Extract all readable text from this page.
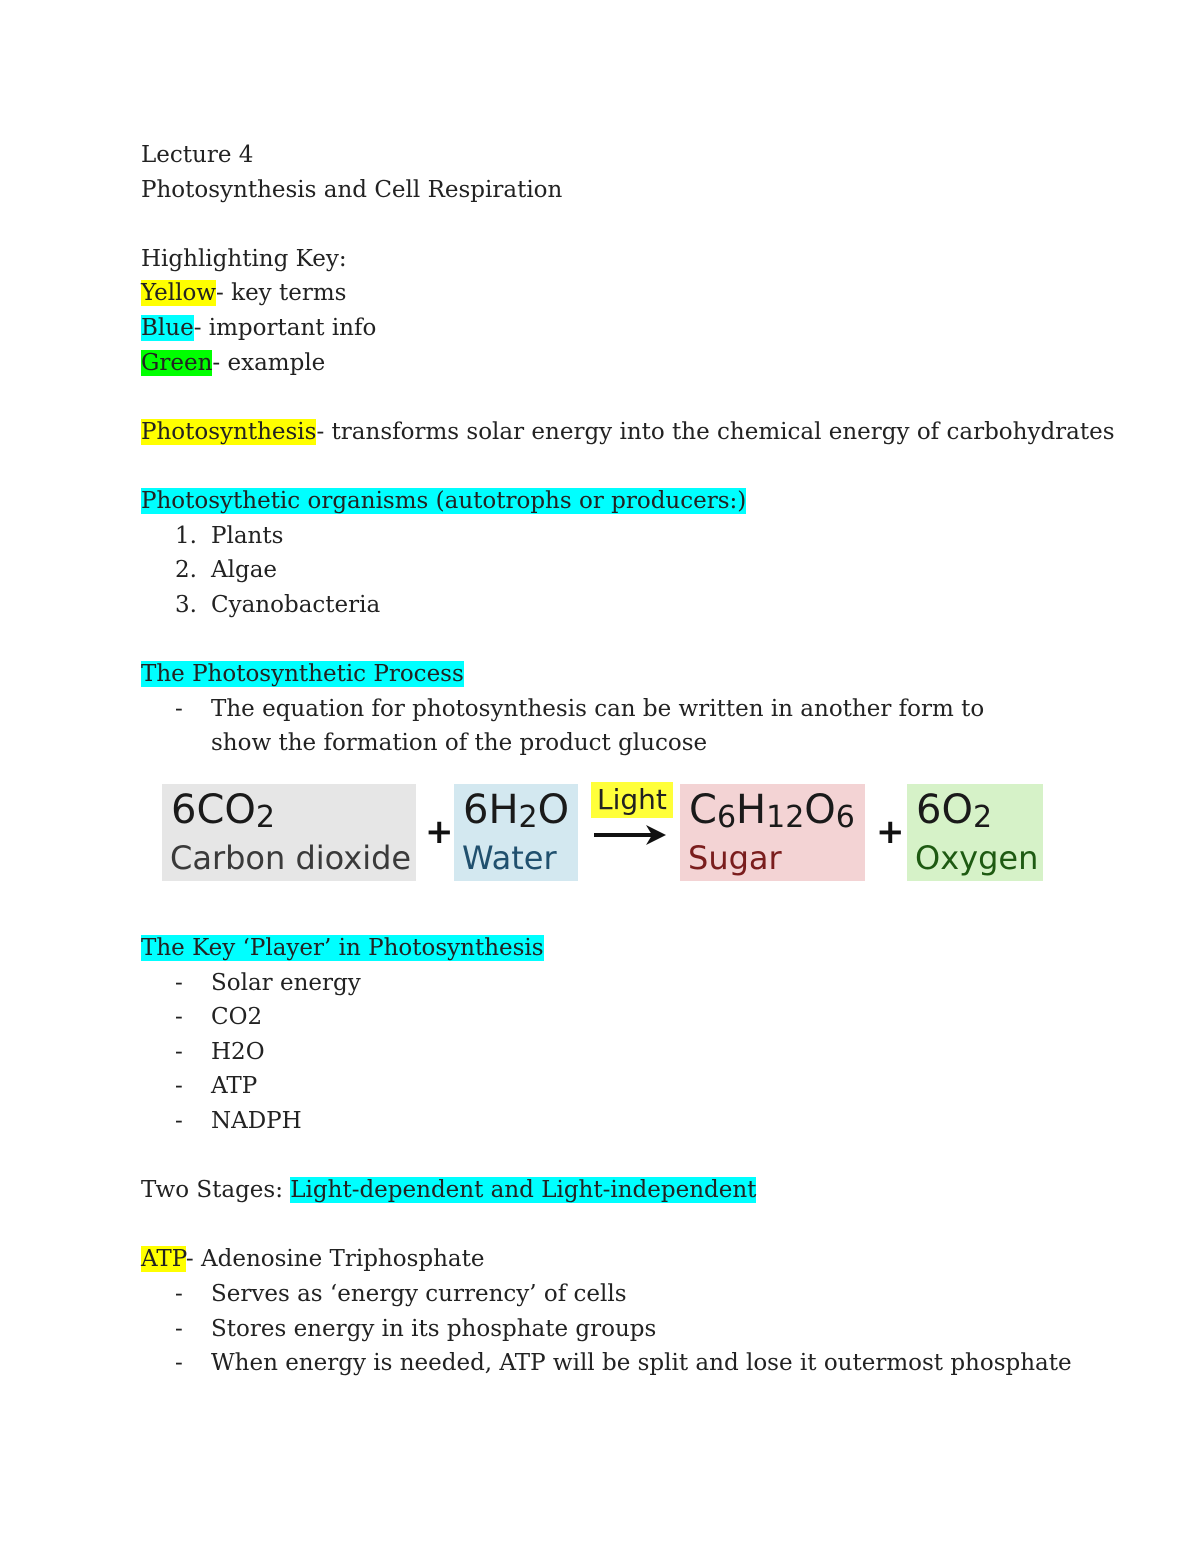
Lecture 4
Photosynthesis and Cell Respiration
Highlighting Key:
Yellow- key terms
Blue- important info
Green- example
Photosynthesis- transforms solar energy into the chemical energy of carbohydrates
Photosythetic organisms (autotrophs or producers:)
1. Plants
2. Algae
3. Cyanobacteria
The Photosynthetic Process
- The equation for photosynthesis can be written in another form to show the formation of the product glucose
$6CO_2$
Carbon dioxide
+ $6H_2O$
Water
Light $C_6H_{12}O_6$
Sugar
+ $6O_2$
Oxygen
The Key ‘Player’ in Photosynthesis
- Solar energy
- CO2
- H2O
- ATP
- NADPH
Two Stages: Light-dependent and Light-independent
ATP- Adenosine Triphosphate
- Serves as ‘energy currency’ of cells
- Stores energy in its phosphate groups
- When energy is needed, ATP will be split and lose it outermost phosphate
